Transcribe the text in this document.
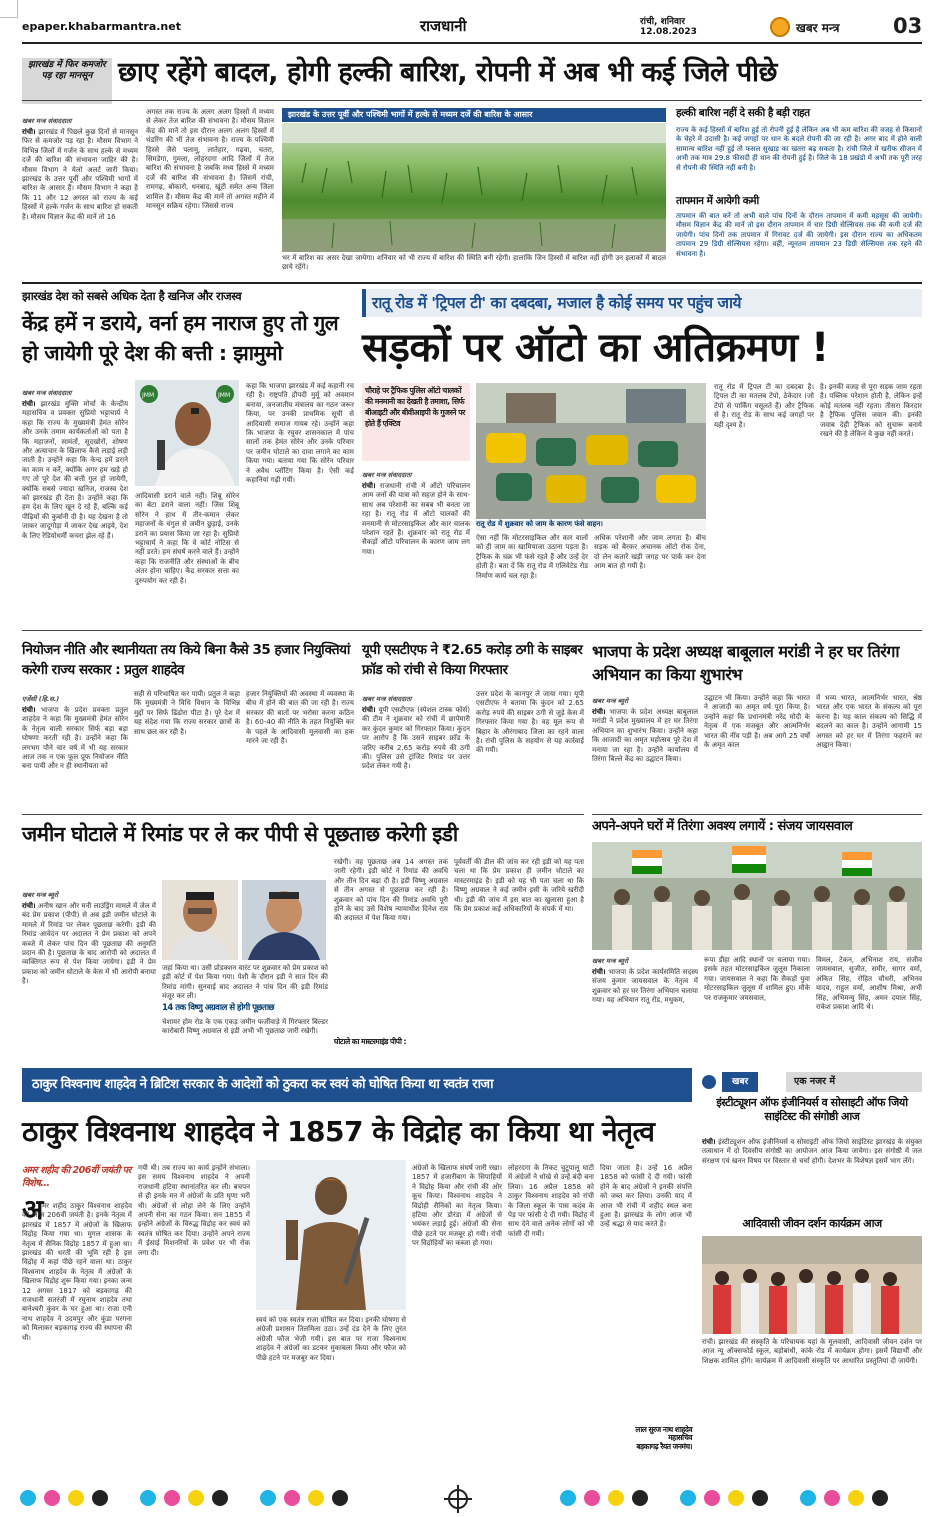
epaper.khabarmantra.net	राजधानी	रांची, शनिवार
12.08.2023	खबर मन्त्र	03
झारखंड में फिर कमजोर पड़ रहा मानसून छाए रहेंगे बादल, होगी हल्की बारिश, रोपनी में अब भी कई जिले पीछे
खबर मन्त्र संवाददाता
रांची। झारखंड में पिछले कुछ दिनों से मानसून फिर से कमजोर पड़ रहा है। मौसम विभाग ने विभिन्न जिलों में गर्जन के साथ हल्के से मध्यम दर्जे की बारिश की संभावना जाहिर की है। मौसम विभाग ने येलो अलर्ट जारी किया। झारखंड के उत्तर पूर्वी और पश्चिमी भागों में बारिश के आसार हैं। मौसम विभाग ने कहा है कि 11 और 12 अगस्त को राज्य के कई हिस्सों में हल्के गर्जन के साथ बारिश हो सकती है। मौसम विज्ञान केंद्र की मानें तो 16
अगस्त तक राज्य के अलग अलग हिस्सों में मध्यम से लेकर तेज बारिश की संभावना है। मौसम विज्ञान केंद्र की मानें तो इस दौरान अलग अलग हिस्सों में थंडरिंग की भी तेज संभावना है। राज्य के पश्चिमी हिस्से जैसे पलामू, लातेहार, गढ़वा, चतरा, सिमडेगा, गुमला, लोहरदगा आदि जिलों में तेज बारिश की संभावना है जबकि मध्य हिस्से में मध्यम दर्जे की बारिश की संभावना है। जिसमें रांची, रामगढ़, बोकारो, धनबाद, खूंटी समेत अन्य जिला शामिल हैं। मौसम केंद्र की मानें तो अगस्त महीने में मानसून सक्रिय रहेगा। जिससे राज्य
झारखंड के उत्तर पूर्वी और पश्चिमी भागों में हल्के से मध्यम दर्जे की बारिश के आसार
भर में बारिश का असर देखा जायेगा। शनिवार को भी राज्य में बारिश की स्थिति बनी रहेगी। हालांकि जिन हिस्सों में बारिश नहीं होगी उन इलाकों में बादल छाये रहेंगे।
हल्की बारिश नहीं दे सकी है बड़ी राहत
राज्य के कई हिस्सों में बारिश हुई तो रोपनी हुई है लेकिन अब भी कम बारिश की वजह से किसानों के चेहरे में उदासी है। कई जगहों पर धान के बदले रोपनी की जा रही है। अगर बाद में होने वाली सामान्य बारिश नहीं हुई तो फसल सुखाड़ का खतरा बढ़ सकता है। रांची जिले में खरीफ सीजन में अभी तक मात्र 29.8 फीसदी ही धान की रोपनी हुई है। जिले के 18 प्रखंडो में अभी तक पूरी तरह से रोपनी की स्थिति नहीं बनी है।
तापमान में आयेगी कमी
तापमान की बात करें तो अभी वाले पांच दिनों के दौरान तापमान में कमी महसूस की जायेगी। मौसम विज्ञान केंद्र की मानें तो इस दौरान तापमान में चार डिग्री सेल्सियस तक की कमी दर्ज की जायेगी। पांच दिनों तक तापमान में गिरावट दर्ज की जायेगी। इस दौरान राज्य का अधिकतम तापमान 29 डिग्री सेल्सियस रहेगा। वहीं, न्यूनतम तापमान 23 डिग्री सेल्सियस तक रहने की संभावना है।
झारखंड देश को सबसे अधिक देता है खनिज और राजस्व
केंद्र हमें न डराये, वर्ना हम नाराज हुए तो गुल हो जायेगी पूरे देश की बत्ती : झामुमो
खबर मन्त्र संवाददाता
रांची। झारखंड मुक्ति मोर्चा के केन्द्रीय महासचिव व प्रवक्ता सुप्रियो भट्टाचार्य ने कहा कि राज्य के मुख्यमंत्री हेमंत सोरेन और उनके तमाम कार्यकर्ताओं को पता है कि महाजनों, सामंतों, सूदखोरों, शोषण और अत्याचार के खिलाफ कैसे लड़ाई लड़ी जाती है। उन्होंने कहा कि केन्द्र हमें डराने का काम न करें, क्योंकि अगर हम खड़े हो गए तो पूरे देश की बत्ती गुल हो जायेगी, क्योंकि सबसे ज्यादा खनिज, राजस्व देश को झारखंड ही देता है। उन्होंने कहा कि हम देश के लिए खून दे रहे हैं, बल्कि कई पीढ़ियों की कुर्बानी दी है। यह देखना है तो जाकर जादूगोड़ा में जाकर देख आइये, देश के लिए रेडियोधर्मी कचरा झेल रहे हैं।
JMM	JMM
आदिवासी डराने वाले नहीं। शिबू सोरेन का बेटा डराने वाला नहीं। जिस शिबू सोरेन ने हाथ में तीर-कमान लेकर महाजनों के चंगुल से जमीन छुड़ाई, उनके डराने का प्रयास किया जा रहा है। सुप्रियो भट्टाचार्य ने कहा कि वे कोर्ट नोटिस से नहीं डरते। हम संघर्ष करने वाले हैं। उन्होंने कहा कि राजनीति और संस्थाओं के बीच अंतर होना चाहिए। केंद्र सरकार सत्ता का दुरुपयोग कर रही है।
कहा कि भाजपा झारखंड में कई कहानी रच रही है। राष्ट्रपति द्रौपदी मुर्मू को अवमान बनाया, जनजातीय मंत्रालय का गठन जरूर किया, पर उनकी प्राथमिक सूची से आदिवासी समाज गायब रहे। उन्होंने कहा कि भाजपा के रघुवर शासनकाल में पांच सालों तक हेमंत सोरेन और उनके परिवार पर जमीन घोटाले का दावा लगाने का काम किया गया। बताया गया कि सोरेन परिवार ने अवैध प्लॉटिंग किया है। ऐसी कई कहानियां गढ़ी गयीं।
रातू रोड में 'ट्रिपल टी' का दबदबा, मजाल है कोई समय पर पहुंच जाये
सड़कों पर ऑटो का अतिक्रमण !
चौराहे पर ट्रैफिक पुलिस ऑटो चालकों की मनमानी का देखती है तमाशा, सिर्फ बीआइटी और बीवीआइपी के गुजरने पर होते हैं एक्टिव
खबर मन्त्र संवाददाता
रांची। राजधानी रांची में ऑटो परिचालन आम जनों की यात्रा को सहज होने के साथ-साथ अब परेशानी का सबब भी बनता जा रहा है। रातू रोड में ऑटो चालकों की मनमानी से मोटरसाइकिल और कार चालक परेशान रहते हैं। शुक्रवार को रातू रोड में सैकड़ों ऑटो परिचालन के कारण जाम लग गया।
रातू रोड में शुक्रवार को जाम के कारण फंसे वाहन।
ऐसा नहीं कि मोटरसाइकिल और कार वालों को ही जाम का खामियाजा उठाना पड़ता है। ट्रैफिक के चक्र भी फंसे रहते हैं और उन्हें देर होती है। बता दें कि रातू रोड में एलिवेटेड रोड निर्माण कार्य चल रहा है।
अधिक परेशानी और जाम लगता है। बीच सड़क को बैरकर अचानक ऑटो रोक देना, दो लेन कतारें खड़ी जगह पर पार्क कर देना आम बात हो गयी है।
रातू रोड में ट्रिपल टी का दबदबा है। ट्रिपल टी का मतलब टेंपो, ठेकेदार (जो टेंपो से पार्किंग वसूलते हैं) और ट्रैफिक से है। रातू रोड के साथ कई जगहों पर यही दृश्य है।
है। इनकी वजह से पूरा सड़क जाम रहता है। पब्लिक परेशान होती है, लेकिन इन्हें कोई मतलब नहीं रहता। तीसरा किरदार है ट्रैफिक पुलिस जवान की। इनकी जवाब देही ट्रैफिक को सुचारू बनाये रखने की है लेकिन वे कुछ नहीं करते।
नियोजन नीति और स्थानीयता तय किये बिना कैसे 35 हजार नियुक्तियां करेगी राज्य सरकार : प्रतुल शाहदेव
एजेंसी (हि.स.)
रांची। भाजपा के प्रदेश प्रवक्ता प्रतुल शाहदेव ने कहा कि मुख्यमंत्री हेमंत सोरेन के नेतृत्व वाली सरकार सिर्फ बड़ा बड़ा घोषणा करती रही है। उन्होंने कहा कि लगभग पौने चार वर्ष में भी यह सरकार आज तक न एक फूल प्रूफ नियोजन नीति बना पायी और न ही स्थानीयता को
सही से परिभाषित कर पायी। प्रतुल ने कहा कि मुख्यमंत्री ने विधि विधान के विभिन्न मुद्दों पर सिर्फ ढिंढोरा पीटा है। पूरे देश में यह संदेश गया कि राज्य सरकार छात्रों के साथ छल कर रही है।
हजार नियुक्तियों की अवस्था में व्यवस्था के बीच में होने की बात की जा रही है। राज्य सरकार की बातों पर भरोसा करना कठिन है। 60-40 की नीति के तहत नियुक्ति कर के पहले के आदिवासी मूलवासी का हक मारने जा रही है।
यूपी एसटीएफ ने ₹2.65 करोड़ ठगी के साइबर फ्रॉड को रांची से किया गिरफ्तार
खबर मन्त्र संवाददाता
रांची। यूपी एसटीएफ (स्पेशल टास्क फोर्स) की टीम ने शुक्रवार को रांची में छापेमारी कर कुंदन कुमार को गिरफ्तार किया। कुंदन पर आरोप है कि उसने साइबर फ्रॉड के जरिए करीब 2.65 करोड़ रुपये की ठगी की। पुलिस उसे ट्रांजिट रिमांड पर उत्तर प्रदेश लेकर गयी है।
उत्तर प्रदेश के कानपुर ले जाया गया। यूपी एसटीएफ ने बताया कि कुंदन को 2.65 करोड़ रुपये की साइबर ठगी से जुड़े केस में गिरफ्तार किया गया है। वह मूल रूप से बिहार के औरंगाबाद जिला का रहने वाला है। रांची पुलिस के सहयोग से यह कार्रवाई की गयी।
भाजपा के प्रदेश अध्यक्ष बाबूलाल मरांडी ने हर घर तिरंगा अभियान का किया शुभारंभ
खबर मन्त्र ब्यूरो
रांची। भाजपा के प्रदेश अध्यक्ष बाबूलाल मरांडी ने प्रदेश मुख्यालय में हर घर तिरंगा अभियान का शुभारंभ किया। उन्होंने कहा कि आजादी का अमृत महोत्सव पूरे देश में मनाया जा रहा है। उन्होंने कार्यालय में तिरंगा बिल्ले केंद्र का उद्घाटन किया।
उद्घाटन भी किया। उन्होंने कहा कि भारत ने आजादी का अमृत वर्ष पूरा किया है। उन्होंने कहा कि प्रधानमंत्री नरेंद्र मोदी के नेतृत्व में एक मजबूत और आत्मनिर्भर भारत की नींव पड़ी है। अब आगे 25 वर्षों के अमृत काल
में भव्य भारत, आत्मनिर्भर भारत, श्रेष्ठ भारत और एक भारत के संकल्प को पूरा करना है। यह काल संकल्प को सिद्धि में बदलने का काल है। उन्होंने आगामी 15 अगस्त को हर घर में तिरंगा फहराने का आह्वान किया।
अपने-अपने घरों में तिरंगा अवश्य लगायें : संजय जायसवाल
खबर मन्त्र ब्यूरो
रांची। भाजपा के प्रदेश कार्यसमिति सदस्य संजय कुमार जायसवाल के नेतृत्व में शुक्रवार को हर घर तिरंगा अभियान चलाया गया। यह अभियान रातू रोड, मधुकम,
रूपा डीहा आदि स्थानों पर चलाया गया। इसके तहत मोटरसाइकिल जुलूस निकाला गया। जायसवाल ने कहा कि सैकड़ों युवा मोटरसाइकिल जुलूस में शामिल हुए। मौके पर राजकुमार जयसवाल,
विमल, टेकन, अभिनाश राय, संजीव जायसवाल, सुजीत, समीर, सागर वर्मा, अंकित सिंह, रोहित चौधरी, अभिनव यादव, राहुल वर्मा, आशीष मिश्रा, अभी सिंह, अभिमन्यु सिंह, अमन दयाल सिंह, राकेश प्रकाश आदि थे।
जमीन घोटाले में रिमांड पर ले कर पीपी से पूछताछ करेगी इडी
खबर मन्त्र ब्यूरो
रांची। अनीष खान और मनी लाउंड्रिंग मामले में जेल में बंद प्रेम प्रकाश (पीपी) से अब इडी जमीन घोटाले के मामले में रिमांड पर लेकर पूछताछ करेगी। इडी की रिमांड आवेदन पर अदालत ने प्रेम प्रकाश को अपने कब्जे में लेकर पांच दिन की पूछताछ की अनुमति प्रदान की है। पूछताछ के बाद आरोपी को अदालत में व्यक्तिगत रूप से पेश किया जायेगा। इडी ने प्रेम प्रकाश को जमीन घोटाले के केस में भी आरोपी बनाया है।
जहां किया था। उसी प्रोडक्शन वारंट पर शुक्रवार को प्रेम प्रकाश को इडी कोर्ट में पेश किया गया। पेशी के दौरान इडी ने सात दिन की रिमांड मांगी। सुनवाई बाद अदालत ने पांच दिन की इडी रिमांड मंजूर कर ली।
14 तक विष्णु अग्रवाल से होगी पूछताछ
चेशायर होम रोड के एक एकड़ जमीन फर्जीवाड़े में गिरफ्तार बिल्डर कारोबारी विष्णु अग्रवाल से इडी अभी भी पूछताछ जारी रखेगी।
रखेगी। वह पूछताछ अब 14 अगस्त तक जारी रहेगी। इडी कोर्ट ने रिमांड की अवधि और तीन दिन बढ़ा दी है। इडी विष्णु अग्रवाल से तीन अगस्त से पूछताछ कर रही है। शुक्रवार को पांच दिन की रिमांड अवधि पूरी होने के बाद उसे विशेष न्यायाधीश दिनेश राय की अदालत में पेश किया गया।
घोटाले का मास्टरमाइंड पीपी :
पूर्ववर्ती की डील की जांच कर रही इडी को यह पता चला था कि प्रेम प्रकाश ही जमीन घोटाले का मास्टरमाइंड है। इडी को यह भी पता चला था कि विष्णु अग्रवाल ने कई जमीन इसी के जरिये खरीदी थी। इडी की जांच में इस बात का खुलासा हुआ है कि प्रेम प्रकाश कई अधिकारियों के संपर्क में था।
ठाकुर विश्वनाथ शाहदेव ने ब्रिटिश सरकार के आदेशों को ठुकरा कर स्वयं को घोषित किया था स्वतंत्र राजा
ठाकुर विश्वनाथ शाहदेव ने 1857 के विद्रोह का किया था नेतृत्व
अमर शहीद की 206वीं जयंती पर विशेष...
अ
मर शहीद ठाकुर विश्वनाथ शाहदेव की आज 206वीं जयंती है। इनके नेतृत्व में झारखंड में 1857 में अंग्रेजों के खिलाफ विद्रोह किया गया था। मुगल शासक के नेतृत्व में सैनिक विद्रोह 1857 में हुआ था। झारखंड की धरती की भूमि रही है इस विद्रोह में कहां पीछे रहने वाला था। ठाकुर विश्वनाथ शाहदेव के नेतृत्व में अंग्रेजों के खिलाफ विद्रोह शुरू किया गया। इनका जन्म 12 अगस्त 1817 को बड़कागढ़ की राजधानी सतरंजी में रघुनाथ शाहदेव तथा बानेश्वरी कुंवर के घर हुआ था। राजा एनी नाथ शाहदेव ने उदयपुर और कुंडा परगना को मिलाकर बड़कागढ़ राज्य की स्थापना की थी।
गयी थी। तब राज्य का कार्य इन्होंने संभाला। इस समय विश्वनाथ शाहदेव ने अपनी राजधानी हटिया स्थानांतरित कर ली। बचपन से ही इनके मन में अंग्रेजों के प्रति घृणा भरी थी। अंग्रेजों से लोहा लेने के लिए उन्होंने अपनी सेना का गठन किया। सन 1855 में इन्होंने अंग्रेजों के विरुद्ध विद्रोह कर स्वयं को स्वतंत्र घोषित कर दिया। उन्होंने अपने राज्य में ईसाई मिशनरियों के प्रवेश पर भी रोक लगा दी।
स्वयं को एक स्वतंत्र राजा घोषित कर दिया। इनकी घोषणा से अंग्रेजी प्रशासन तिलमिला उठा। उन्हें दंड देने के लिए तुरंत अंग्रेजी फौज भेजी गयी। इस बात पर राजा विश्वनाथ शाहदेव ने अंग्रेजों का डटकर मुकाबला किया और फौज को पीछे हटने पर मजबूर कर दिया।
अंग्रेजों के खिलाफ संघर्ष जारी रखा। 1857 में हजारीबाग के सिपाहियों ने विद्रोह किया और रांची की ओर कूच किया। विश्वनाथ शाहदेव ने विद्रोही सैनिकों का नेतृत्व किया। हटिया और डोरंडा में अंग्रेजों से भयंकर लड़ाई हुई। अंग्रेजों की सेना पीछे हटने पर मजबूर हो गयी। रांची पर विद्रोहियों का कब्जा हो गया।
लोहरदगा के निकट चुटूपालू घाटी में अंग्रेजों ने धोखे से उन्हें बंदी बना लिया। 16 अप्रैल 1858 को ठाकुर विश्वनाथ शाहदेव को रांची के जिला स्कूल के पास कदंब के पेड़ पर फांसी दे दी गयी। विद्रोह में साथ देने वाले अनेक लोगों को भी फांसी दी गयी।
दिया जाता है। उन्हें 16 अप्रैल 1858 को फांसी दे दी गयी। फांसी होने के बाद अंग्रेजों ने इनकी संपत्ति को जब्त कर लिया। उनकी याद में आज भी रांची में शहीद स्थल बना हुआ है। झारखंड के लोग आज भी उन्हें श्रद्धा से याद करते हैं।
लाल सुरज नाथ शाहदेव
महासचिव
बड़कागढ़ रैयत जनमंच।
खबर	एक नजर में
इंस्टीट्यूशन ऑफ इंजीनियर्स व सोसाइटी ऑफ जियो साइंटिस्ट की संगोष्ठी आज
रांची। इंस्टीट्यूशन ऑफ इंजीनियर्स व सोसाइटी ऑफ जियो साइंटिस्ट झारखंड के संयुक्त तत्वाधान में दो दिवसीय संगोष्ठी का आयोजन आज किया जायेगा। इस संगोष्ठी में जल संरक्षण एवं खनन विषय पर विस्तार से चर्चा होगी। देशभर के विशेषज्ञ इसमें भाग लेंगे।
आदिवासी जीवन दर्शन कार्यक्रम आज
रांची। झारखंड की संस्कृति के परिचायक यहां के मूलवासी, आदिवासी जीवन दर्शन पर आज न्यू ऑक्सफोर्ड स्कूल, बड़ोबांधी, कांके रोड में कार्यक्रम होगा। इसमें विद्यार्थी और शिक्षक शामिल होंगे। कार्यक्रम में आदिवासी संस्कृति पर आधारित प्रस्तुतियां दी जायेंगी।
